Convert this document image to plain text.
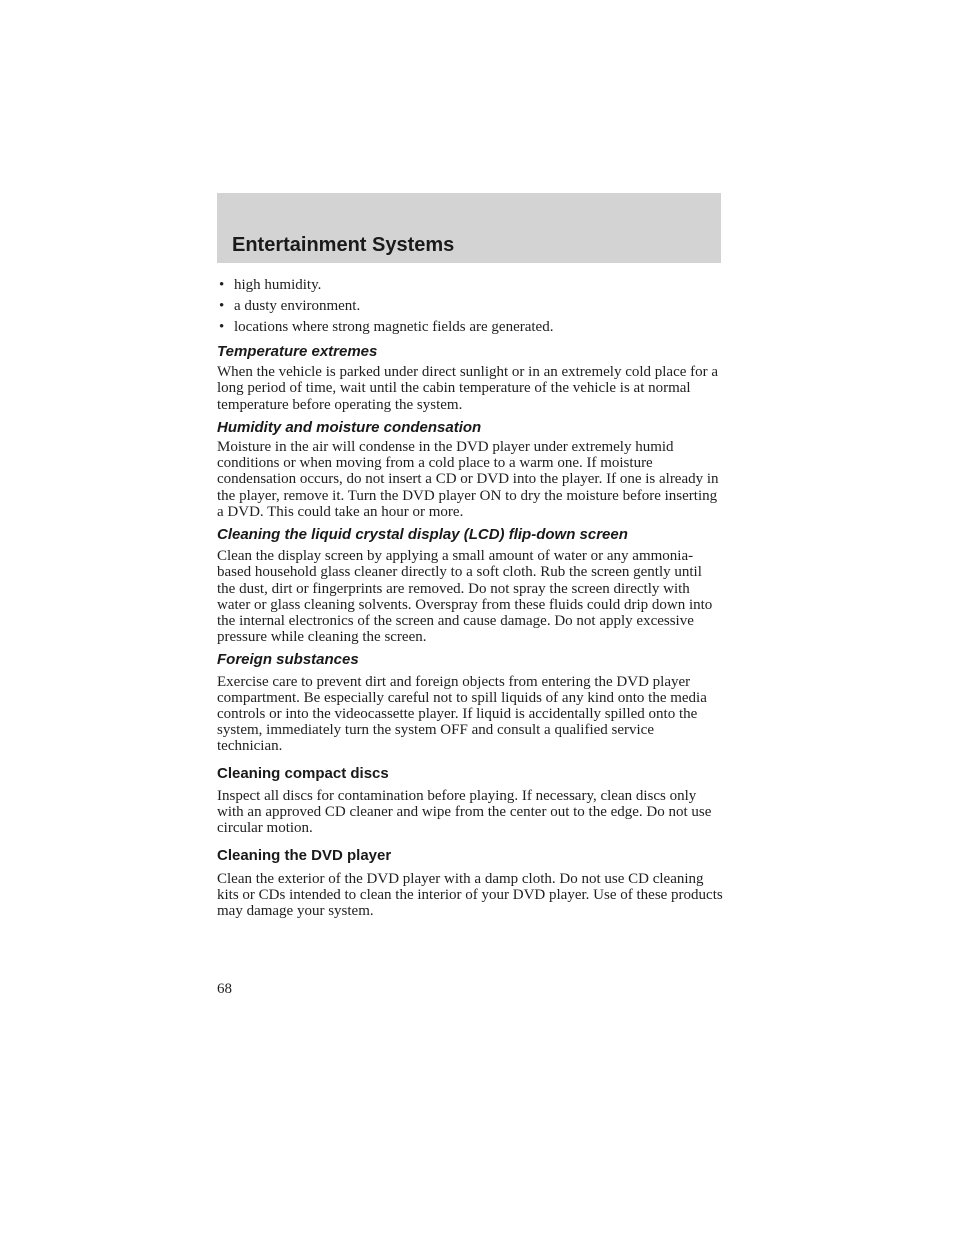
Entertainment Systems
• high humidity.
• a dusty environment.
• locations where strong magnetic fields are generated.
Temperature extremes

When the vehicle is parked under direct sunlight or in an extremely cold place for a long period of time, wait until the cabin temperature of the vehicle is at normal temperature before operating the system.

Humidity and moisture condensation

Moisture in the air will condense in the DVD player under extremely humid conditions or when moving from a cold place to a warm one. If moisture condensation occurs, do not insert a CD or DVD into the player. If one is already in the player, remove it. Turn the DVD player ON to dry the moisture before inserting a DVD. This could take an hour or more.

Cleaning the liquid crystal display (LCD) flip-down screen

Clean the display screen by applying a small amount of water or any ammonia-based household glass cleaner directly to a soft cloth. Rub the screen gently until the dust, dirt or fingerprints are removed. Do not spray the screen directly with water or glass cleaning solvents. Overspray from these fluids could drip down into the internal electronics of the screen and cause damage. Do not apply excessive pressure while cleaning the screen.

Foreign substances

Exercise care to prevent dirt and foreign objects from entering the DVD player compartment. Be especially careful not to spill liquids of any kind onto the media controls or into the videocassette player. If liquid is accidentally spilled onto the system, immediately turn the system OFF and consult a qualified service technician.

Cleaning compact discs

Inspect all discs for contamination before playing. If necessary, clean discs only with an approved CD cleaner and wipe from the center out to the edge. Do not use circular motion.

Cleaning the DVD player

Clean the exterior of the DVD player with a damp cloth. Do not use CD cleaning kits or CDs intended to clean the interior of your DVD player. Use of these products may damage your system.

68
